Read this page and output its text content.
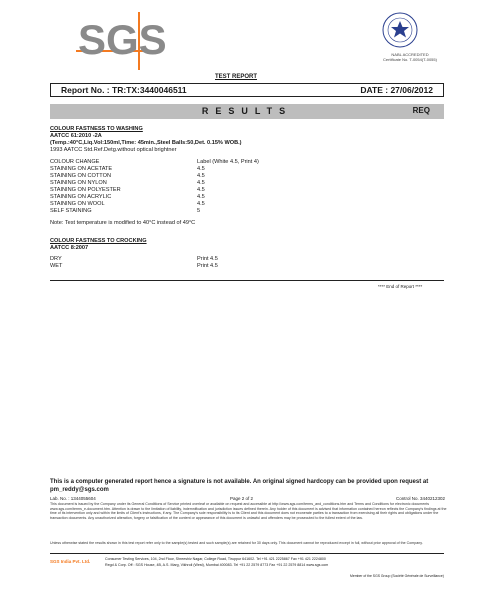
SGS	NABL ACCREDITED
Certificate No. T-0054(T-0055)
TEST REPORT
Report No. : TR:TX:3440046511	DATE : 27/06/2012
RESULTS	REQ
COLOUR FASTNESS TO WASHING
AATCC 61:2010 -2A
(Temp.:40°C,Liq.Vol:150ml,Time: 45min.,Steel Balls:50,Det. 0.15% WOB.)
1993 AATCC Std.Ref.Detg.without optical brightner
COLOUR CHANGE	Label (White 4.5, Print 4)
STAINING ON ACETATE	4.5
STAINING ON COTTON	4.5
STAINING ON NYLON	4.5
STAINING ON POLYESTER	4.5
STAINING ON ACRYLIC	4.5
STAINING ON WOOL	4.5
SELF STAINING	5
Note: Test temperature is modified to 40°C instead of 49°C
COLOUR FASTNESS TO CROCKING
AATCC 8:2007
DRY	Print 4.5
WET	Print 4.5
**** End of Report ****
This is a computer generated report hence a signature is not available. An original signed hardcopy can be provided upon request at
pm_reddy@sgs.com
Lab. No. : 1344055604	Page 2 of 2	Control No. 3440212302
This document is issued by the Company under its General Conditions of Service printed overleaf or available on request and accessible at http://www.sgs.com/terms_and_conditions.htm and Terms and Conditions for electronic documents www.sgs.com/terms_e-document.htm. Attention is drawn to the limitation of liability, indemnification and jurisdiction issues defined therein. Any holder of this document is advised that information contained hereon reflects the Company's findings at the time of its intervention only and within the limits of Client's instructions, if any. The Company's sole responsibility is to its Client and this document does not exonerate parties to a transaction from exercising all their rights and obligations under the transaction documents. Any unauthorized alteration, forgery or falsification of the content or appearance of this document is unlawful and offenders may be prosecuted to the fullest extent of the law.
Unless otherwise stated the results shown in this test report refer only to the sample(s) tested and such sample(s) are retained for 30 days only. This document cannot be reproduced except in full, without prior approval of the Company.
SGS India Pvt. Ltd.	Consumer Testing Services, 104, 2nd Floor, Shreeshiv Nagar, College Road, Tiruppur 641602. Tel +91 421 2225867 Fax +91 421 2224800
Regd & Corp. Off : SGS House, 4B, A.S. Marg, Vikhroli (West), Mumbai 400083. Tel +91 22 2579 8773 Fax +91 22 2579 8814 www.sgs.com
Member of the SGS Group (Société Générale de Surveillance)
